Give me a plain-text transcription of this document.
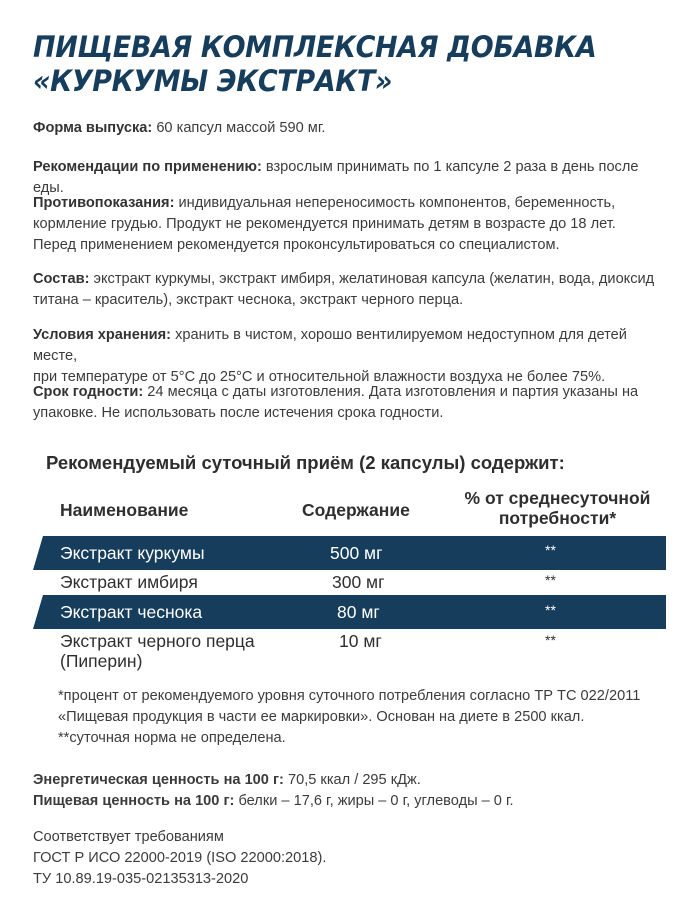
ПИЩЕВАЯ КОМПЛЕКСНАЯ ДОБАВКА
«КУРКУМЫ ЭКСТРАКТ»
Форма выпуска: 60 капсул массой 590 мг.
Рекомендации по применению: взрослым принимать по 1 капсуле 2 раза в день после еды.
Противопоказания: индивидуальная непереносимость компонентов, беременность,
кормление грудью. Продукт не рекомендуется принимать детям в возрасте до 18 лет.
Перед применением рекомендуется проконсультироваться со специалистом.
Состав: экстракт куркумы, экстракт имбиря, желатиновая капсула (желатин, вода, диоксид
титана – краситель), экстракт чеснока, экстракт черного перца.
Условия хранения: хранить в чистом, хорошо вентилируемом недоступном для детей месте,
при температуре от 5°С до 25°С и относительной влажности воздуха не более 75%.
Срок годности: 24 месяца с даты изготовления. Дата изготовления и партия указаны на
упаковке. Не использовать после истечения срока годности.
Рекомендуемый суточный приём (2 капсулы) содержит:
Наименование	Содержание
% от среднесуточной
потребности*
Экстракт куркумы	500 мг	**
Экстракт имбиря	300 мг	**
Экстракт чеснока	80 мг	**
Экстракт черного перца
(Пиперин)
10 мг	**
*процент от рекомендуемого уровня суточного потребления согласно ТР ТС 022/2011
«Пищевая продукция в части ее маркировки». Основан на диете в 2500 ккал.
**суточная норма не определена.
Энергетическая ценность на 100 г: 70,5 ккал / 295 кДж.
Пищевая ценность на 100 г: белки – 17,6 г, жиры – 0 г, углеводы – 0 г.
Соответствует требованиям
ГОСТ Р ИСО 22000-2019 (ISO 22000:2018).
ТУ 10.89.19-035-02135313-2020
